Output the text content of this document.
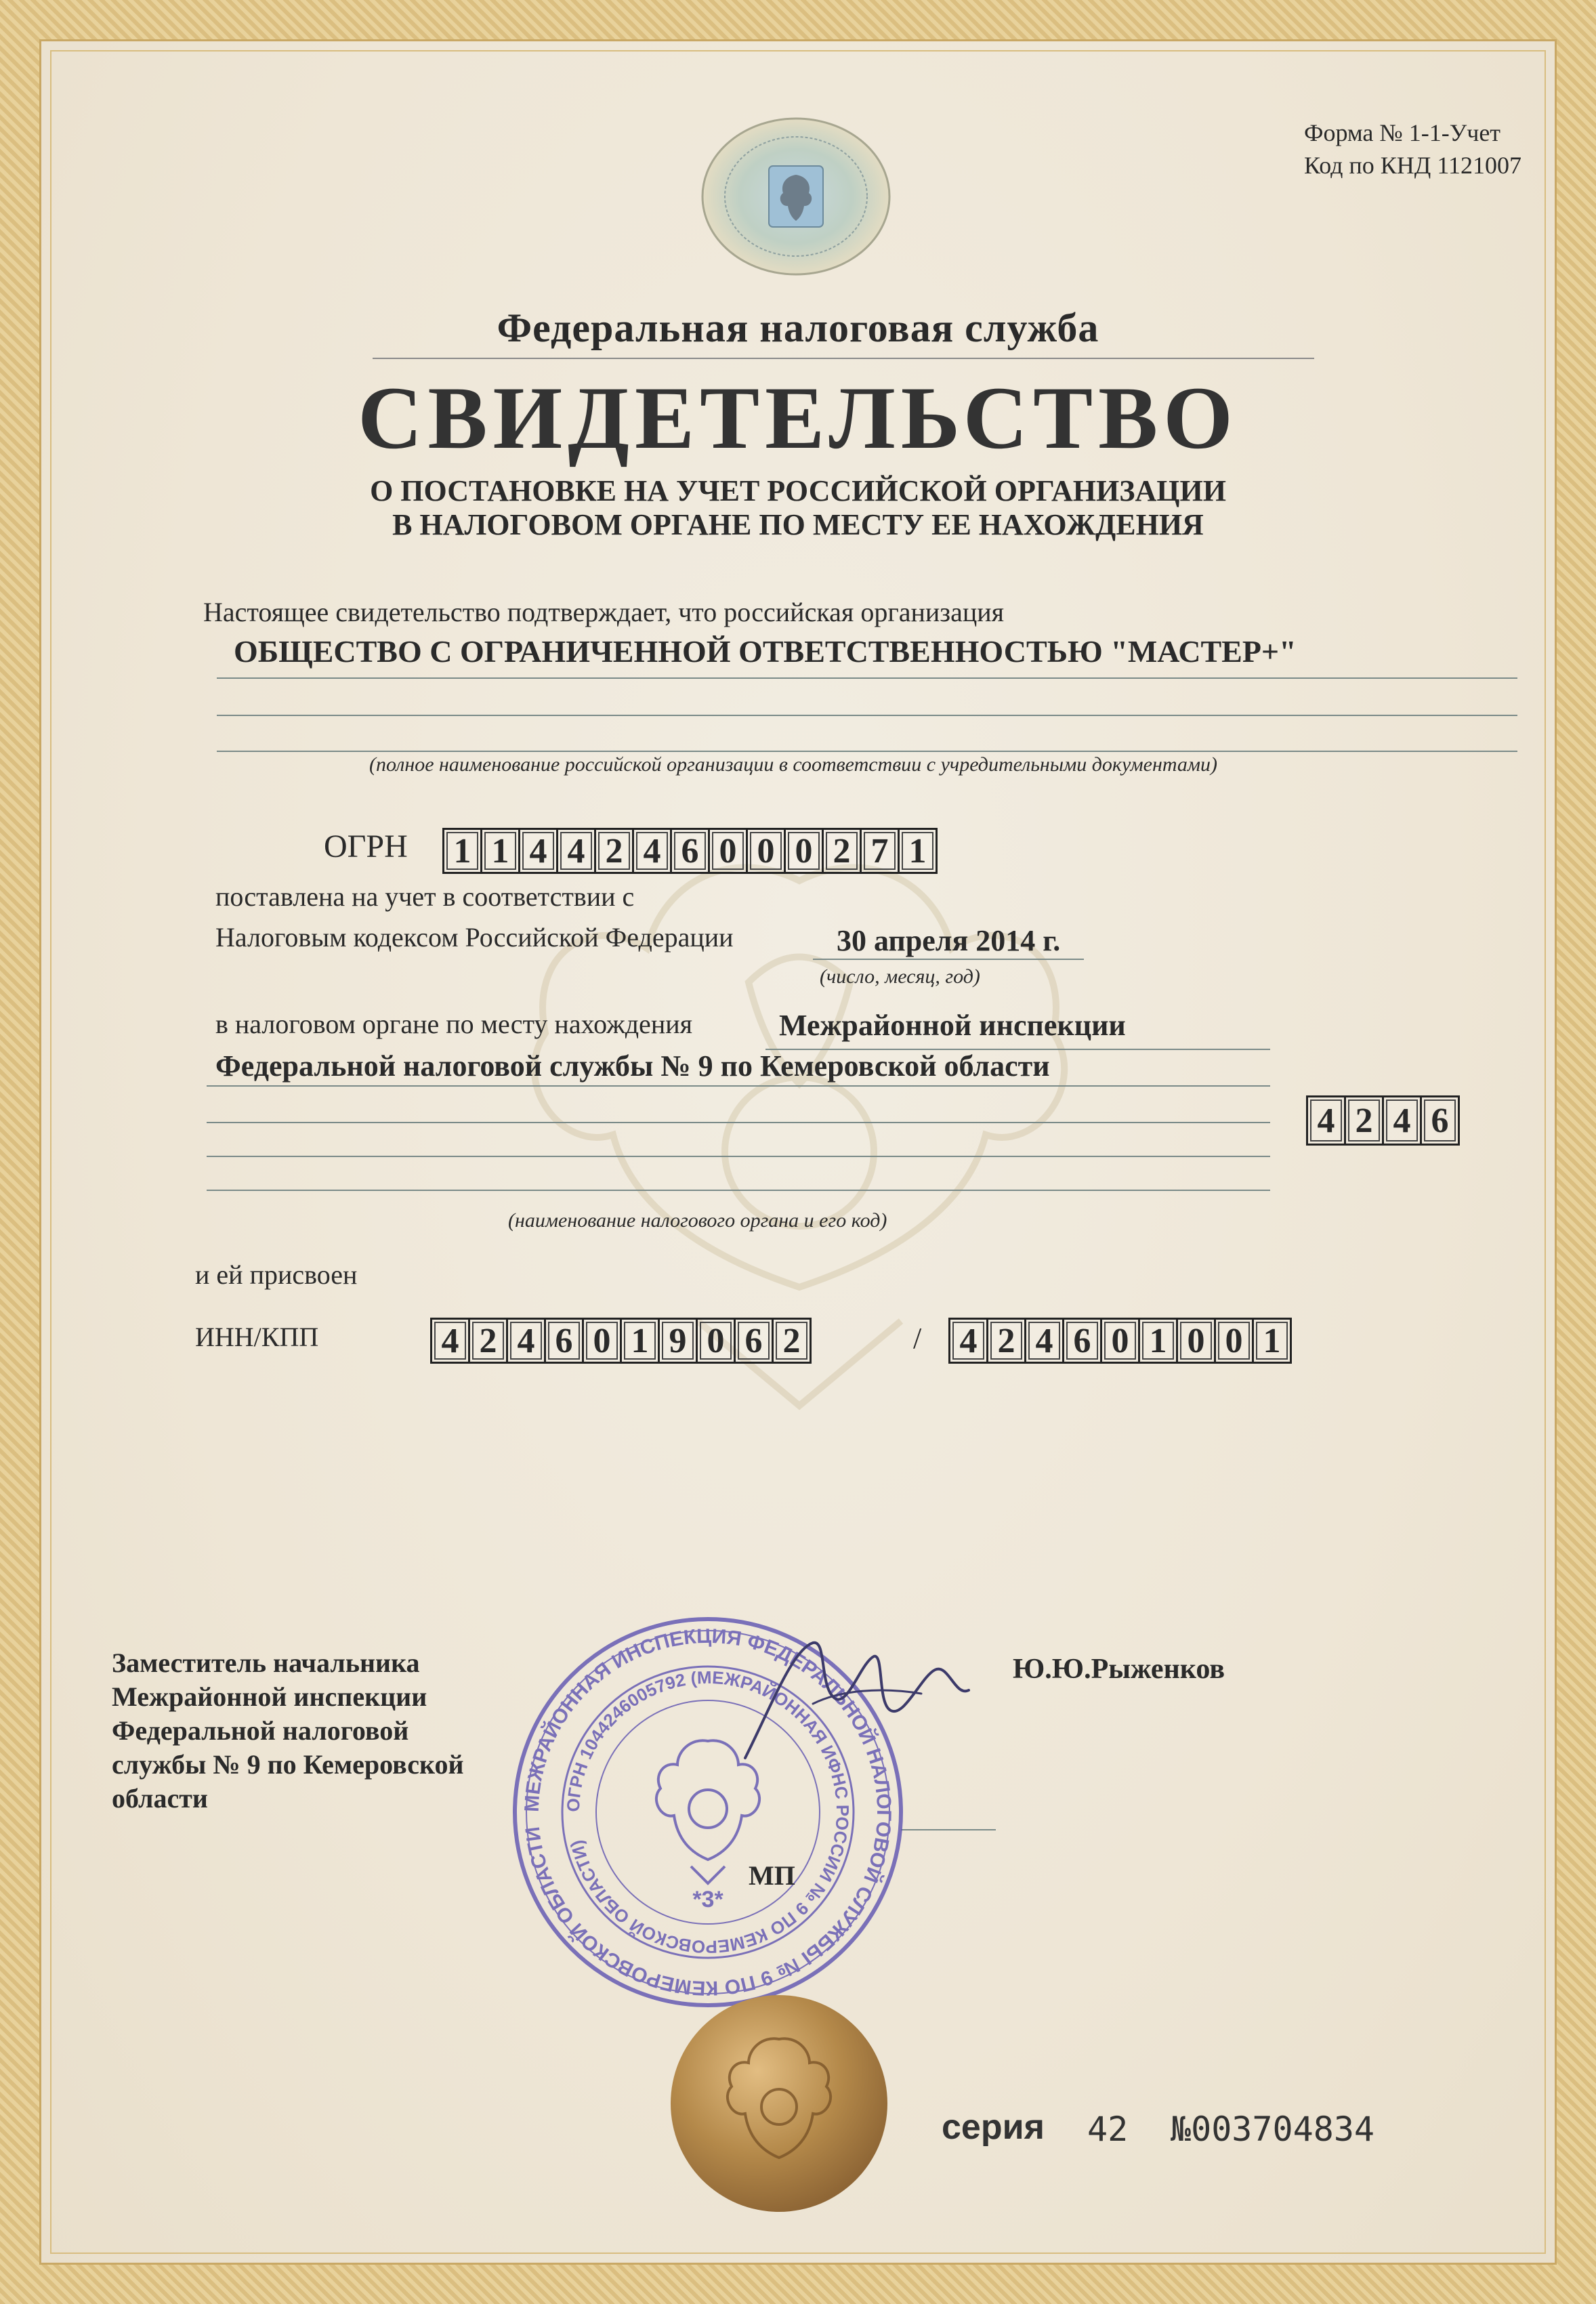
Форма № 1-1-Учет
Код по КНД 1121007
Федеральная налоговая служба
СВИДЕТЕЛЬСТВО
О ПОСТАНОВКЕ НА УЧЕТ РОССИЙСКОЙ ОРГАНИЗАЦИИ
В НАЛОГОВОМ ОРГАНЕ ПО МЕСТУ ЕЕ НАХОЖДЕНИЯ
Настоящее свидетельство подтверждает, что российская организация
ОБЩЕСТВО С ОГРАНИЧЕННОЙ ОТВЕТСТВЕННОСТЬЮ "МАСТЕР+"
(полное наименование российской организации в соответствии с учредительными документами)
ОГРН 1 1 4 4 2 4 6 0 0 0 2 7 1
поставлена на учет в соответствии с
Налоговым кодексом Российской Федерации	30 апреля 2014 г.
(число, месяц, год)
в налоговом органе по месту нахождения	Межрайонной инспекции
Федеральной налоговой службы № 9 по Кемеровской области
4 2 4 6
(наименование налогового органа и его код)
и ей присвоен
ИНН/КПП	4 2 4 6 0 1 9 0 6 2	/ 4 2 4 6 0 1 0 0 1
Заместитель начальника
Межрайонной инспекции
Федеральной налоговой
службы № 9 по Кемеровской
области
Ю.Ю.Рыженков
МЕЖРАЙОННАЯ ИНСПЕКЦИЯ ФЕДЕРАЛЬНОЙ НАЛОГОВОЙ СЛУЖБЫ № 9 ПО КЕМЕРОВСКОЙ ОБЛАСТИ
ОГРН 1044246005792 (МЕЖРАЙОННАЯ ИФНС РОССИИ № 9 ПО КЕМЕРОВСКОЙ ОБЛАСТИ)
*3*
МП
серия 42 №003704834
